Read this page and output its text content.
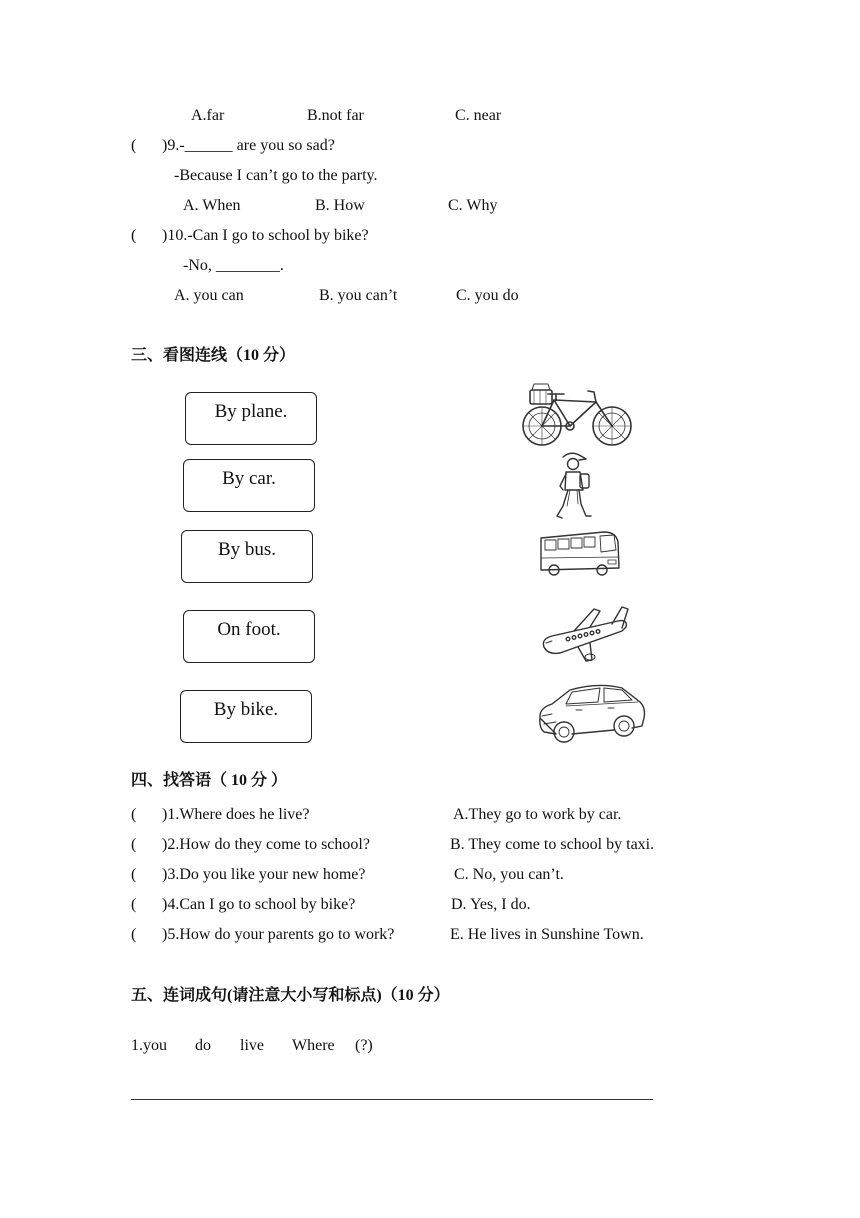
A.far	B.not far	C. near
( )9.-______ are you so sad?
-Because I can’t go to the party.
A. When	B. How	C. Why
( )10.-Can I go to school by bike?
-No, ________.
A. you can	B. you can’t	C. you do
三、看图连线（10 分）
By plane.
By car.
By bus.
On foot.
By bike.
四、找答语（ 10 分 ）
( )1.Where does he live?	A.They go to work by car.
( )2.How do they come to school?	B. They come to school by taxi.
( )3.Do you like your new home?	C. No, you can’t.
( )4.Can I go to school by bike?	D. Yes, I do.
( )5.How do your parents go to work?	E. He lives in Sunshine Town.
五、连词成句(请注意大小写和标点)（10 分）
1.you do live Where (?)
